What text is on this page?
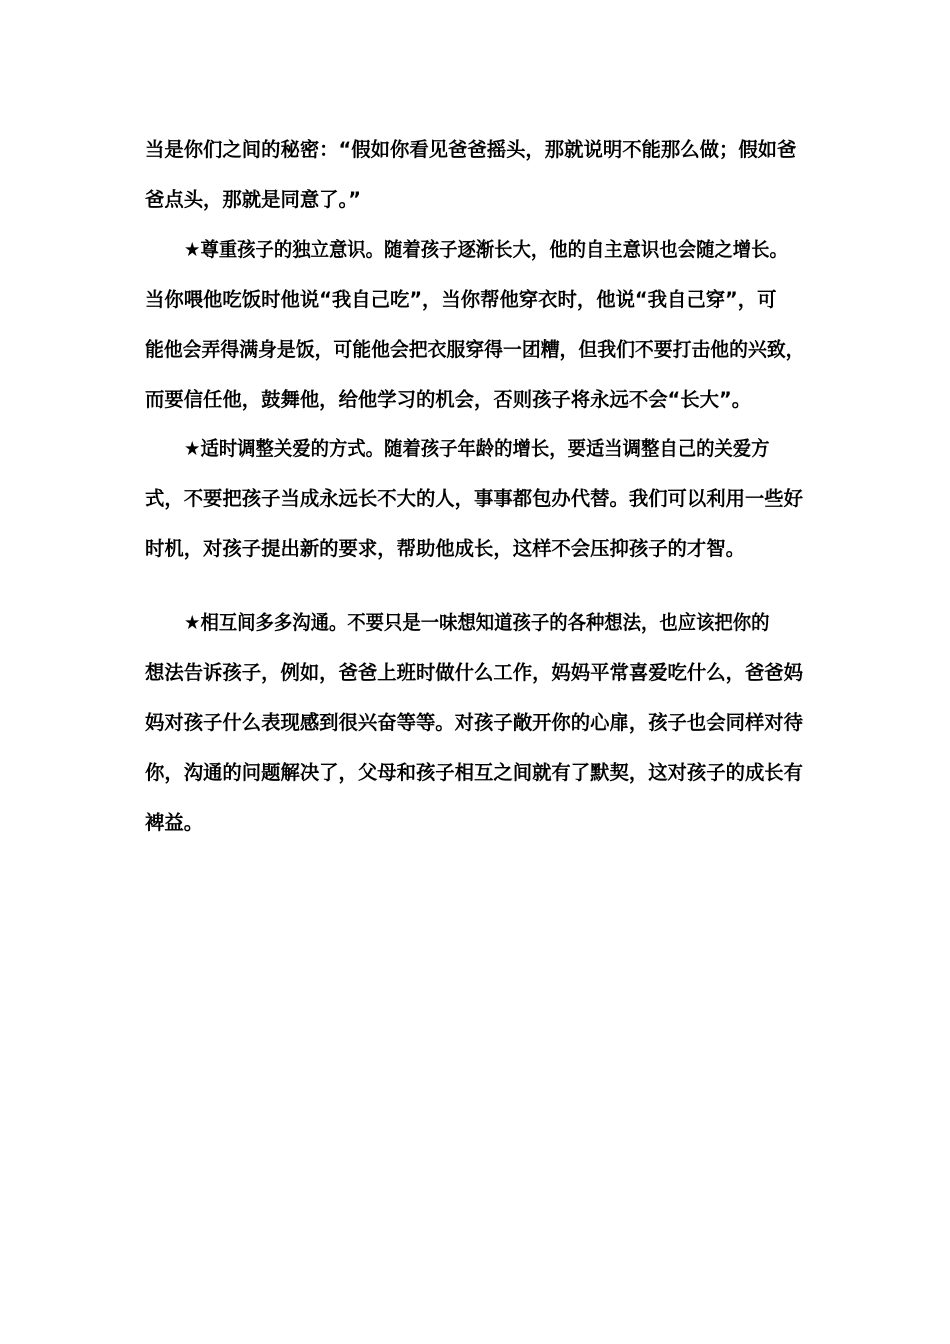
当是你们之间的秘密：“假如你看见爸爸摇头，那就说明不能那么做；假如爸
爸点头，那就是同意了。”
★尊重孩子的独立意识。随着孩子逐渐长大，他的自主意识也会随之增长。
当你喂他吃饭时他说“我自己吃”，当你帮他穿衣时，他说“我自己穿”，可
能他会弄得满身是饭，可能他会把衣服穿得一团糟，但我们不要打击他的兴致，
而要信任他，鼓舞他，给他学习的机会，否则孩子将永远不会“长大”。
★适时调整关爱的方式。随着孩子年龄的增长，要适当调整自己的关爱方
式，不要把孩子当成永远长不大的人，事事都包办代替。我们可以利用一些好
时机，对孩子提出新的要求，帮助他成长，这样不会压抑孩子的才智。
★相互间多多沟通。不要只是一味想知道孩子的各种想法，也应该把你的
想法告诉孩子，例如，爸爸上班时做什么工作，妈妈平常喜爱吃什么，爸爸妈
妈对孩子什么表现感到很兴奋等等。对孩子敞开你的心扉，孩子也会同样对待
你，沟通的问题解决了，父母和孩子相互之间就有了默契，这对孩子的成长有
裨益。
